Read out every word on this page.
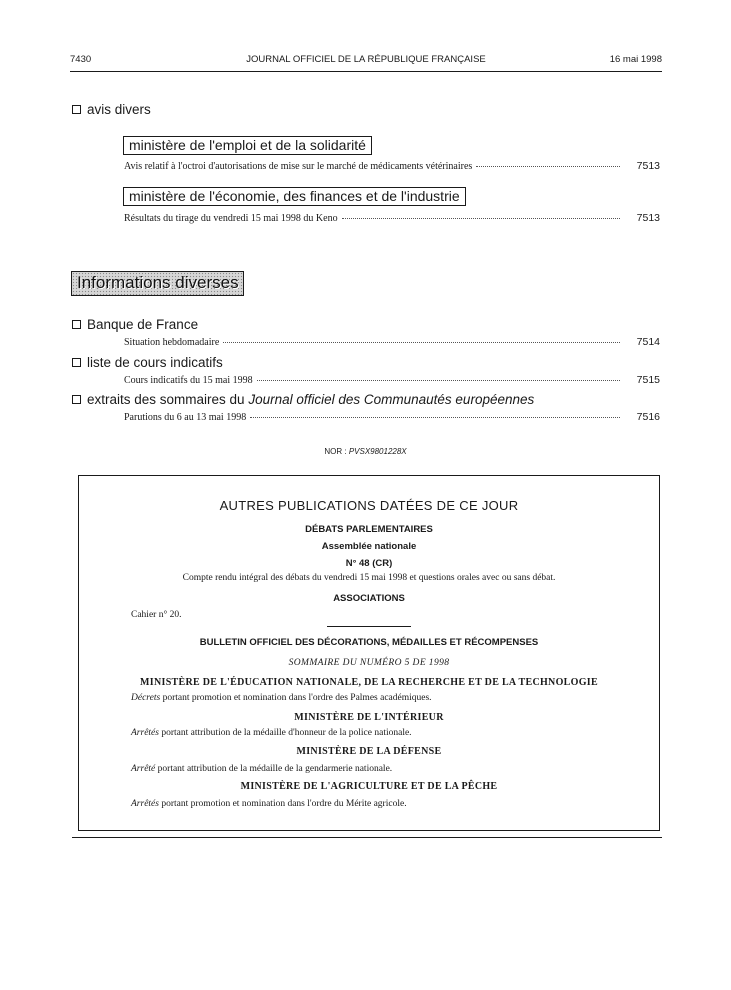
7430	JOURNAL OFFICIEL DE LA RÉPUBLIQUE FRANÇAISE	16 mai 1998
avis divers
ministère de l'emploi et de la solidarité
Avis relatif à l'octroi d'autorisations de mise sur le marché de médicaments vétérinaires	7513
ministère de l'économie, des finances et de l'industrie
Résultats du tirage du vendredi 15 mai 1998 du Keno	7513
Informations diverses
Banque de France
Situation hebdomadaire	7514
liste de cours indicatifs
Cours indicatifs du 15 mai 1998	7515
extraits des sommaires du Journal officiel des Communautés européennes
Parutions du 6 au 13 mai 1998	7516
NOR : PVSX9801228X
AUTRES PUBLICATIONS DATÉES DE CE JOUR
DÉBATS PARLEMENTAIRES
Assemblée nationale
N° 48 (CR)
Compte rendu intégral des débats du vendredi 15 mai 1998 et questions orales avec ou sans débat.
ASSOCIATIONS
Cahier n° 20.
BULLETIN OFFICIEL DES DÉCORATIONS, MÉDAILLES ET RÉCOMPENSES
SOMMAIRE DU NUMÉRO 5 DE 1998
MINISTÈRE DE L'ÉDUCATION NATIONALE, DE LA RECHERCHE ET DE LA TECHNOLOGIE
Décrets portant promotion et nomination dans l'ordre des Palmes académiques.
MINISTÈRE DE L'INTÉRIEUR
Arrêtés portant attribution de la médaille d'honneur de la police nationale.
MINISTÈRE DE LA DÉFENSE
Arrêté portant attribution de la médaille de la gendarmerie nationale.
MINISTÈRE DE L'AGRICULTURE ET DE LA PÊCHE
Arrêtés portant promotion et nomination dans l'ordre du Mérite agricole.
